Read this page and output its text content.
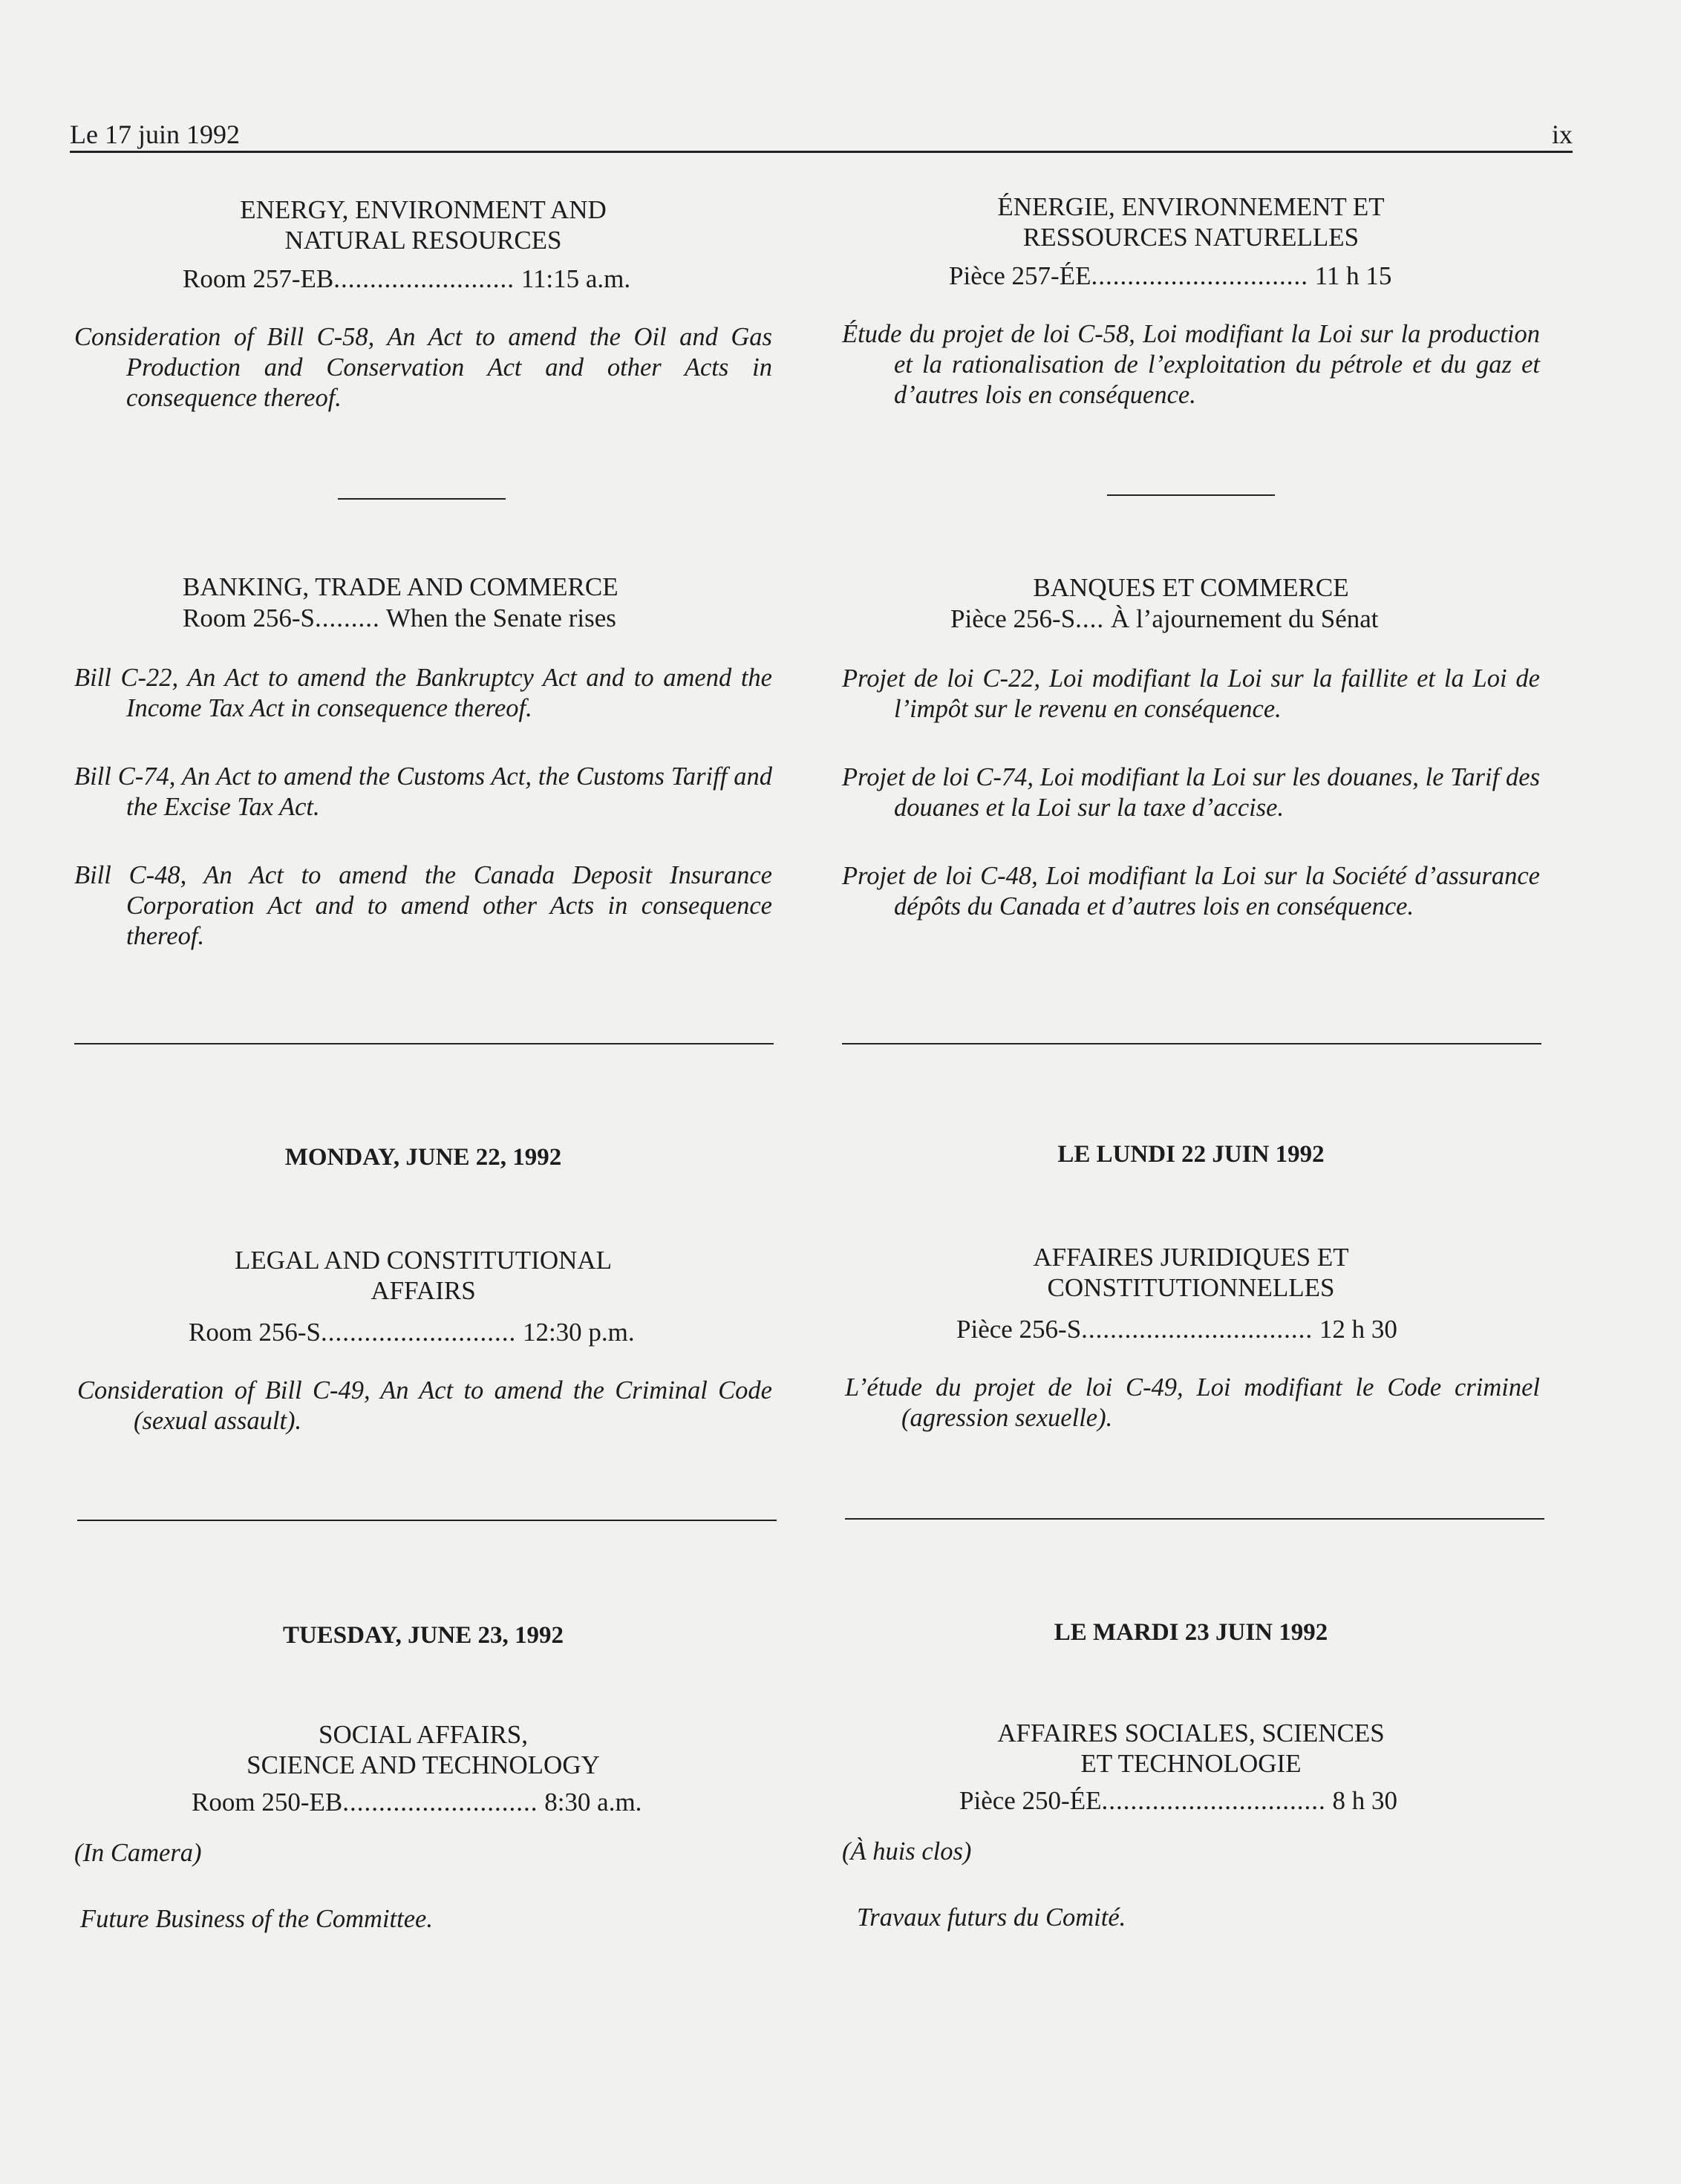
Le 17 juin 1992	ix
ENERGY, ENVIRONMENT AND
NATURAL RESOURCES
Room 257-EB......................... 11:15 a.m.
Consideration of Bill C-58, An Act to amend the Oil and Gas Production and Conservation Act and other Acts in consequence thereof.
ÉNERGIE, ENVIRONNEMENT ET
RESSOURCES NATURELLES
Pièce 257-ÉE.............................. 11 h 15
Étude du projet de loi C-58, Loi modifiant la Loi sur la production et la rationalisation de l’exploitation du pétrole et du gaz et d’autres lois en conséquence.
BANKING, TRADE AND COMMERCE
Room 256-S......... When the Senate rises
Bill C-22, An Act to amend the Bankruptcy Act and to amend the Income Tax Act in consequence thereof.
Bill C-74, An Act to amend the Customs Act, the Customs Tariff and the Excise Tax Act.
Bill C-48, An Act to amend the Canada Deposit Insurance Corporation Act and to amend other Acts in consequence thereof.
BANQUES ET COMMERCE
Pièce 256-S.... À l’ajournement du Sénat
Projet de loi C-22, Loi modifiant la Loi sur la faillite et la Loi de l’impôt sur le revenu en conséquence.
Projet de loi C-74, Loi modifiant la Loi sur les douanes, le Tarif des douanes et la Loi sur la taxe d’accise.
Projet de loi C-48, Loi modifiant la Loi sur la Société d’assurance dépôts du Canada et d’autres lois en conséquence.
MONDAY, JUNE 22, 1992
LEGAL AND CONSTITUTIONAL
AFFAIRS
Room 256-S........................... 12:30 p.m.
Consideration of Bill C-49, An Act to amend the Criminal Code (sexual assault).
LE LUNDI 22 JUIN 1992
AFFAIRES JURIDIQUES ET
CONSTITUTIONNELLES
Pièce 256-S................................ 12 h 30
L’étude du projet de loi C-49, Loi modifiant le Code criminel (agression sexuelle).
TUESDAY, JUNE 23, 1992
SOCIAL AFFAIRS,
SCIENCE AND TECHNOLOGY
Room 250-EB........................... 8:30 a.m.
(In Camera)
Future Business of the Committee.
LE MARDI 23 JUIN 1992
AFFAIRES SOCIALES, SCIENCES
ET TECHNOLOGIE
Pièce 250-ÉE............................... 8 h 30
(À huis clos)
Travaux futurs du Comité.
